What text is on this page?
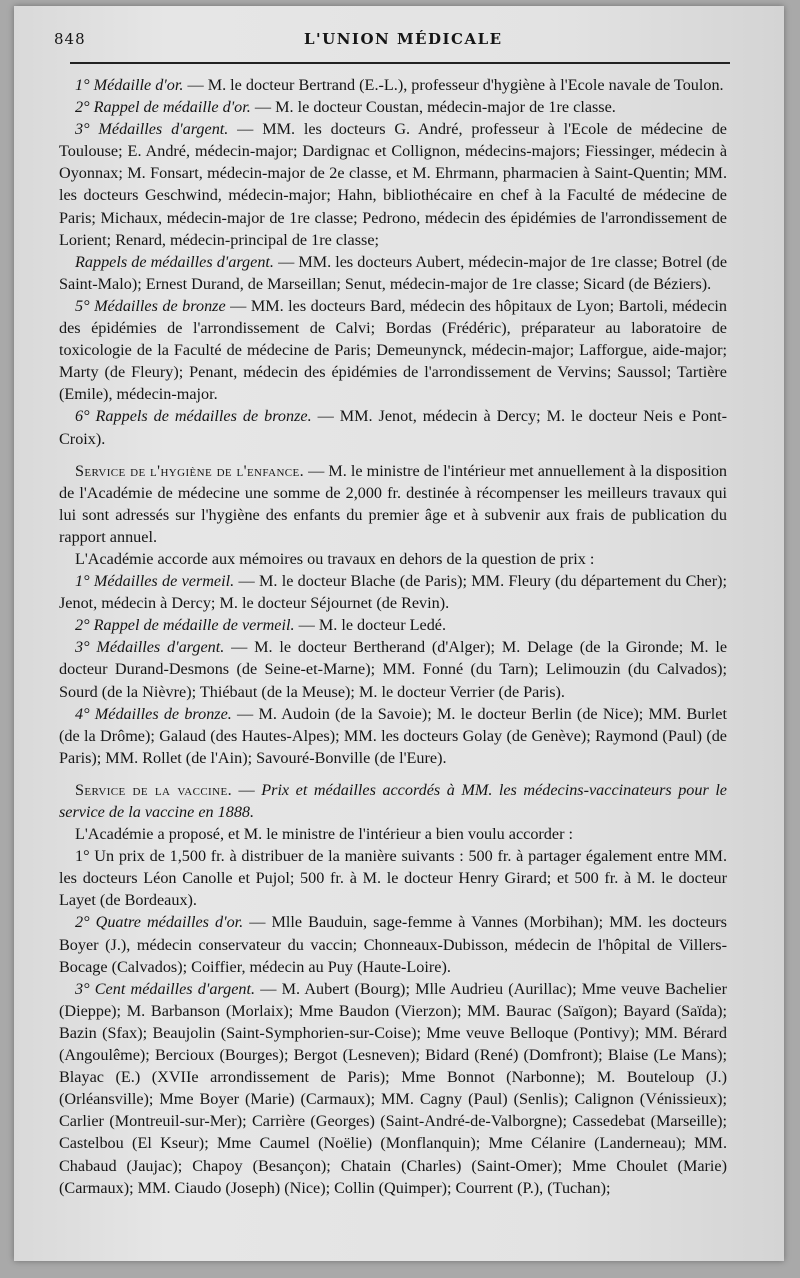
848	L'UNION MÉDICALE

1° Médaille d'or. — M. le docteur Bertrand (E.-L.), professeur d'hygiène à l'Ecole navale de Toulon.

2° Rappel de médaille d'or. — M. le docteur Coustan, médecin-major de 1re classe.

3° Médailles d'argent. — MM. les docteurs G. André, professeur à l'Ecole de médecine de Toulouse; E. André, médecin-major; Dardignac et Collignon, médecins-majors; Fiessinger, médecin à Oyonnax; M. Fonsart, médecin-major de 2e classe, et M. Ehrmann, pharmacien à Saint-Quentin; MM. les docteurs Geschwind, médecin-major; Hahn, bibliothécaire en chef à la Faculté de médecine de Paris; Michaux, médecin-major de 1re classe; Pedrono, médecin des épidémies de l'arrondissement de Lorient; Renard, médecin-principal de 1re classe;

Rappels de médailles d'argent. — MM. les docteurs Aubert, médecin-major de 1re classe; Botrel (de Saint-Malo); Ernest Durand, de Marseillan; Senut, médecin-major de 1re classe; Sicard (de Béziers).

5° Médailles de bronze — MM. les docteurs Bard, médecin des hôpitaux de Lyon; Bartoli, médecin des épidémies de l'arrondissement de Calvi; Bordas (Frédéric), préparateur au laboratoire de toxicologie de la Faculté de médecine de Paris; Demeunynck, médecin-major; Lafforgue, aide-major; Marty (de Fleury); Penant, médecin des épidémies de l'arrondissement de Vervins; Saussol; Tartière (Emile), médecin-major.

6° Rappels de médailles de bronze. — MM. Jenot, médecin à Dercy; M. le docteur Neis e Pont-Croix).

Service de l'hygiène de l'enfance. — M. le ministre de l'intérieur met annuellement à la disposition de l'Académie de médecine une somme de 2,000 fr. destinée à récompenser les meilleurs travaux qui lui sont adressés sur l'hygiène des enfants du premier âge et à subvenir aux frais de publication du rapport annuel.

L'Académie accorde aux mémoires ou travaux en dehors de la question de prix :

1° Médailles de vermeil. — M. le docteur Blache (de Paris); MM. Fleury (du département du Cher); Jenot, médecin à Dercy; M. le docteur Séjournet (de Revin).

2° Rappel de médaille de vermeil. — M. le docteur Ledé.

3° Médailles d'argent. — M. le docteur Bertherand (d'Alger); M. Delage (de la Gironde; M. le docteur Durand-Desmons (de Seine-et-Marne); MM. Fonné (du Tarn); Lelimouzin (du Calvados); Sourd (de la Nièvre); Thiébaut (de la Meuse); M. le docteur Verrier (de Paris).

4° Médailles de bronze. — M. Audoin (de la Savoie); M. le docteur Berlin (de Nice); MM. Burlet (de la Drôme); Galaud (des Hautes-Alpes); MM. les docteurs Golay (de Genève); Raymond (Paul) (de Paris); MM. Rollet (de l'Ain); Savouré-Bonville (de l'Eure).

Service de la vaccine. — Prix et médailles accordés à MM. les médecins-vaccinateurs pour le service de la vaccine en 1888.

L'Académie a proposé, et M. le ministre de l'intérieur a bien voulu accorder :

1° Un prix de 1,500 fr. à distribuer de la manière suivants : 500 fr. à partager également entre MM. les docteurs Léon Canolle et Pujol; 500 fr. à M. le docteur Henry Girard; et 500 fr. à M. le docteur Layet (de Bordeaux).

2° Quatre médailles d'or. — Mlle Bauduin, sage-femme à Vannes (Morbihan); MM. les docteurs Boyer (J.), médecin conservateur du vaccin; Chonneaux-Dubisson, médecin de l'hôpital de Villers-Bocage (Calvados); Coiffier, médecin au Puy (Haute-Loire).

3° Cent médailles d'argent. — M. Aubert (Bourg); Mlle Audrieu (Aurillac); Mme veuve Bachelier (Dieppe); M. Barbanson (Morlaix); Mme Baudon (Vierzon); MM. Baurac (Saïgon); Bayard (Saïda); Bazin (Sfax); Beaujolin (Saint-Symphorien-sur-Coise); Mme veuve Belloque (Pontivy); MM. Bérard (Angoulême); Bercioux (Bourges); Bergot (Lesneven); Bidard (René) (Domfront); Blaise (Le Mans); Blayac (E.) (XVIIe arrondissement de Paris); Mme Bonnot (Narbonne); M. Bouteloup (J.) (Orléansville); Mme Boyer (Marie) (Carmaux); MM. Cagny (Paul) (Senlis); Calignon (Vénissieux); Carlier (Montreuil-sur-Mer); Carrière (Georges) (Saint-André-de-Valborgne); Cassedebat (Marseille); Castelbou (El Kseur); Mme Caumel (Noëlie) (Monflanquin); Mme Célanire (Landerneau); MM. Chabaud (Jaujac); Chapoy (Besançon); Chatain (Charles) (Saint-Omer); Mme Choulet (Marie) (Carmaux); MM. Ciaudo (Joseph) (Nice); Collin (Quimper); Courrent (P.), (Tuchan);
